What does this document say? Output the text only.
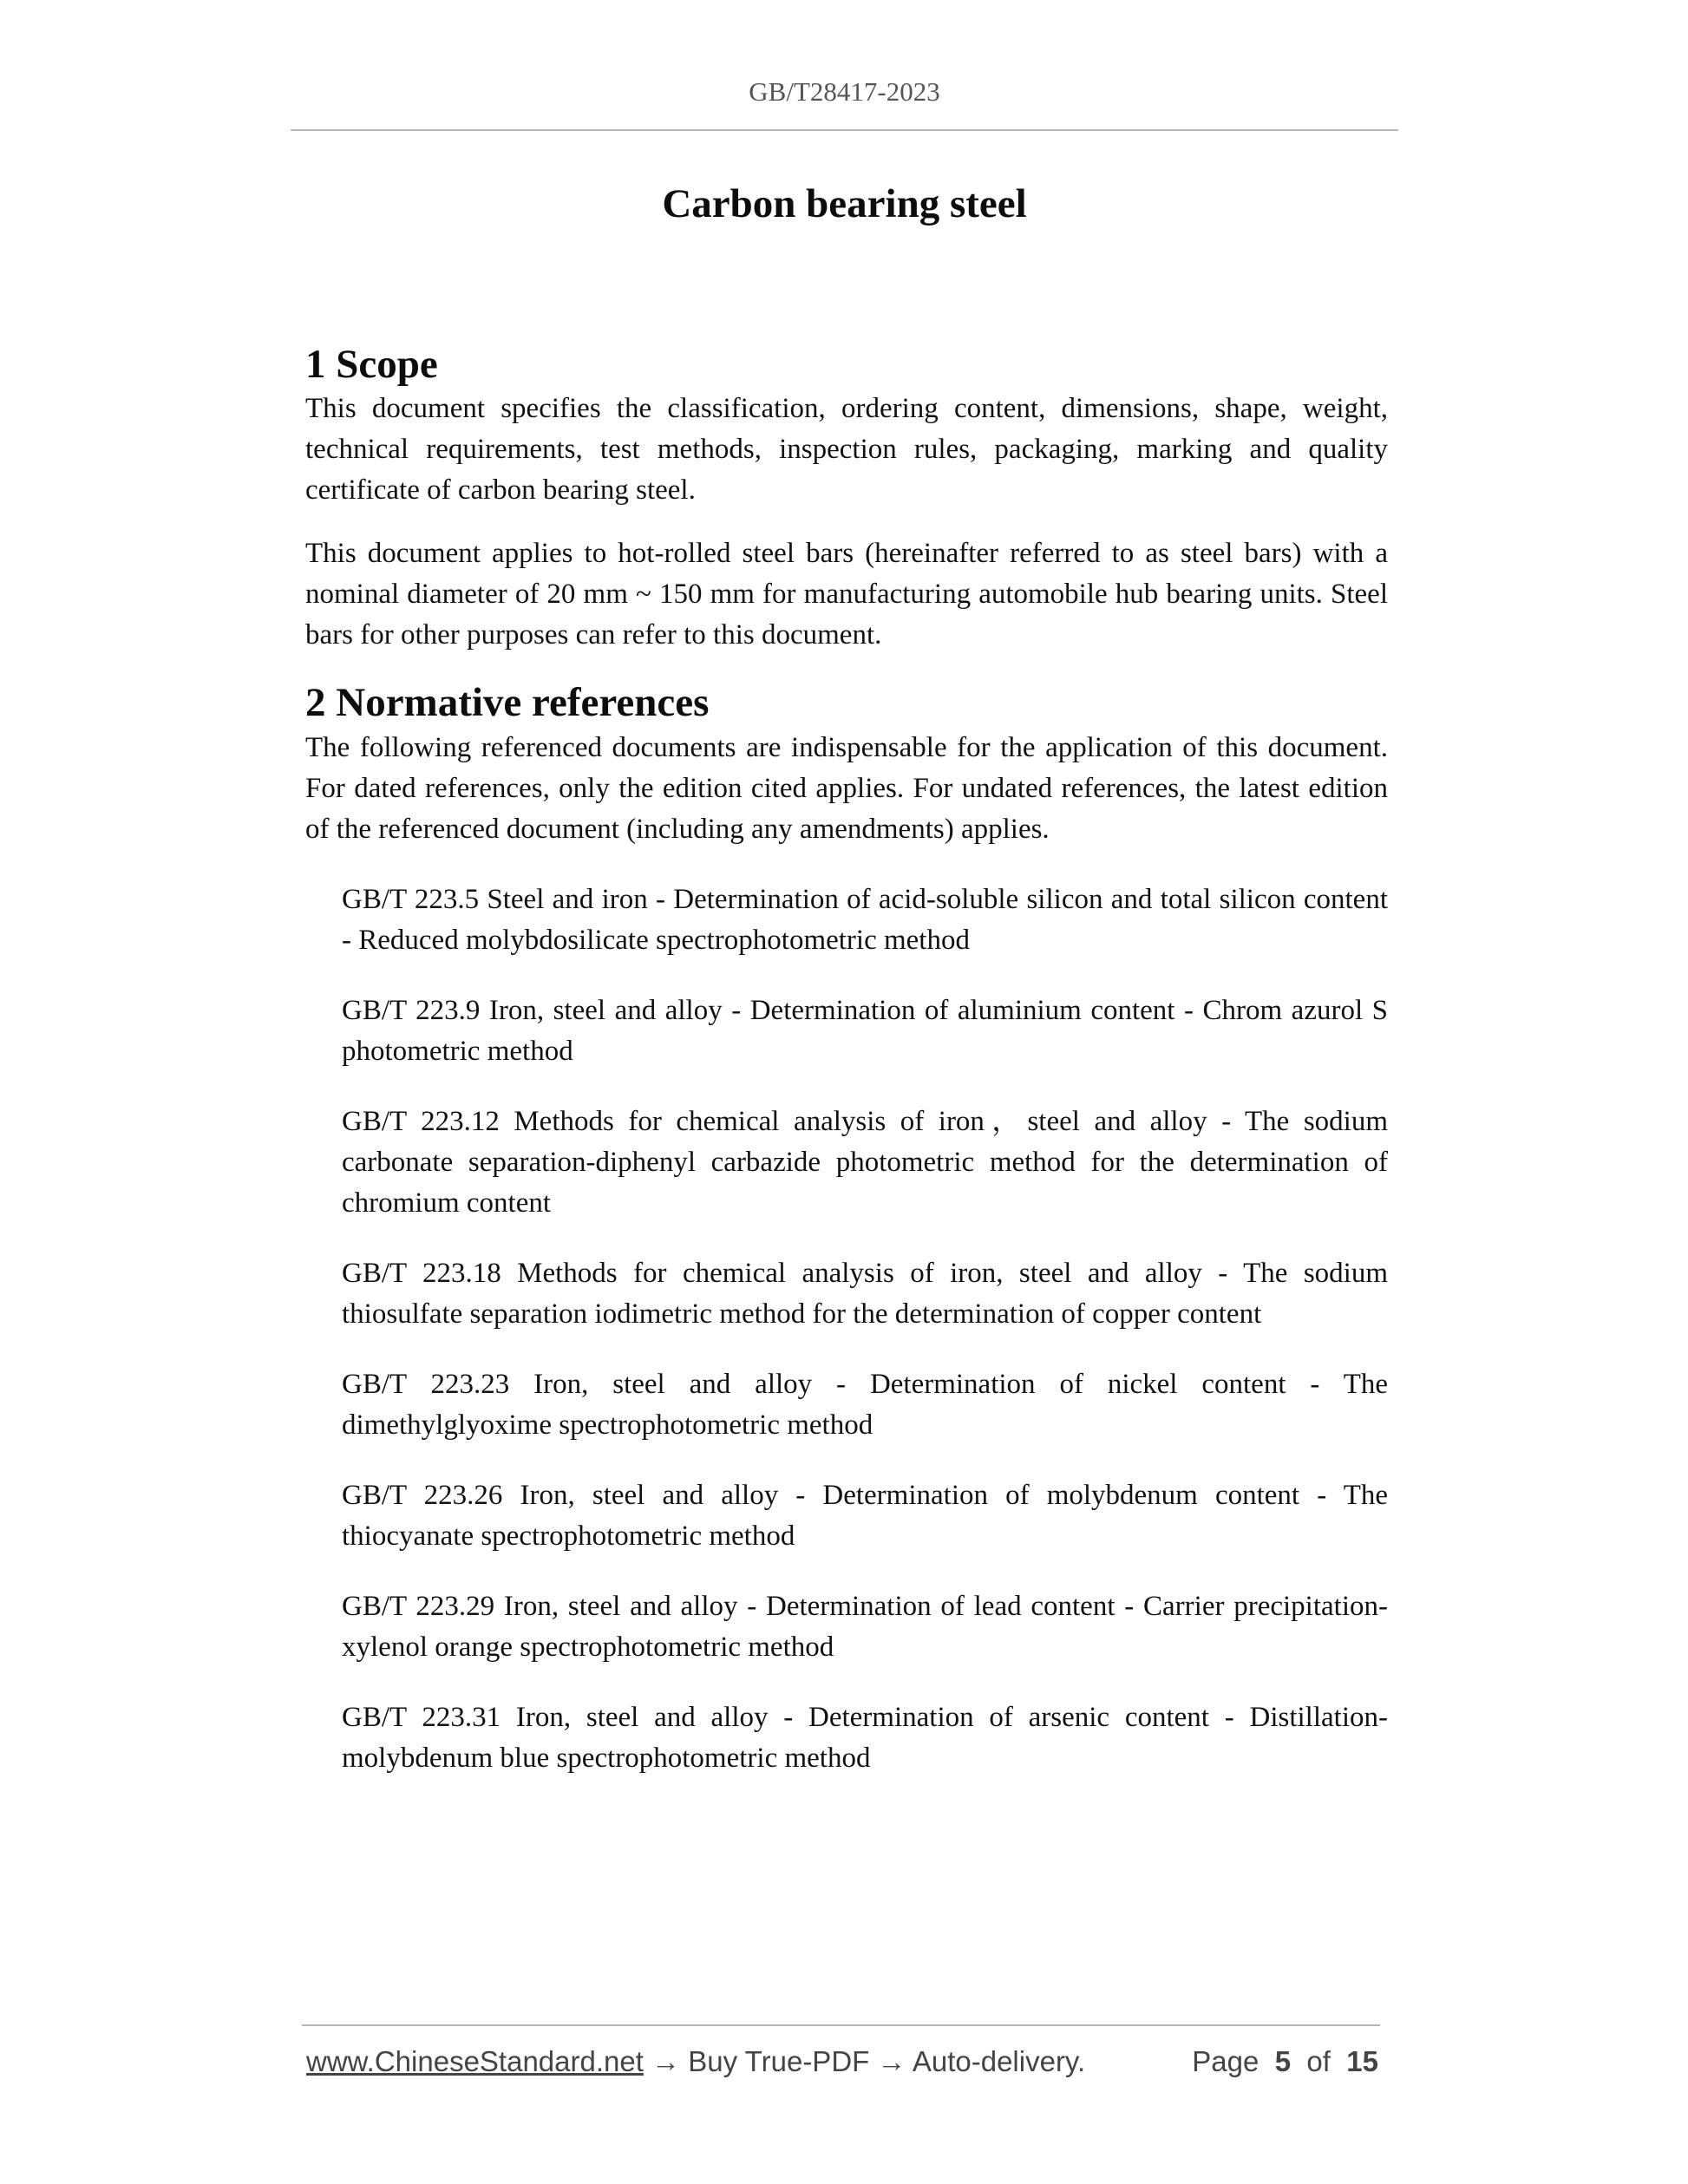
GB/T28417-2023
Carbon bearing steel
1 Scope

This document specifies the classification, ordering content, dimensions, shape, weight, technical requirements, test methods, inspection rules, packaging, marking and quality certificate of carbon bearing steel.

This document applies to hot-rolled steel bars (hereinafter referred to as steel bars) with a nominal diameter of 20 mm ~ 150 mm for manufacturing automobile hub bearing units. Steel bars for other purposes can refer to this document.

2 Normative references

The following referenced documents are indispensable for the application of this document. For dated references, only the edition cited applies. For undated references, the latest edition of the referenced document (including any amendments) applies.

GB/T 223.5 Steel and iron - Determination of acid-soluble silicon and total silicon content - Reduced molybdosilicate spectrophotometric method
GB/T 223.9 Iron, steel and alloy - Determination of aluminium content - Chrom azurol S photometric method
GB/T 223.12 Methods for chemical analysis of iron，steel and alloy - The sodium carbonate separation-diphenyl carbazide photometric method for the determination of chromium content
GB/T 223.18 Methods for chemical analysis of iron, steel and alloy - The sodium thiosulfate separation iodimetric method for the determination of copper content
GB/T 223.23 Iron, steel and alloy - Determination of nickel content - The dimethylglyoxime spectrophotometric method
GB/T 223.26 Iron, steel and alloy - Determination of molybdenum content - The thiocyanate spectrophotometric method
GB/T 223.29 Iron, steel and alloy - Determination of lead content - Carrier precipitation-xylenol orange spectrophotometric method
GB/T 223.31 Iron, steel and alloy - Determination of arsenic content - Distillation-molybdenum blue spectrophotometric method
www.ChineseStandard.net → Buy True-PDF → Auto-delivery.	Page 5 of 15
